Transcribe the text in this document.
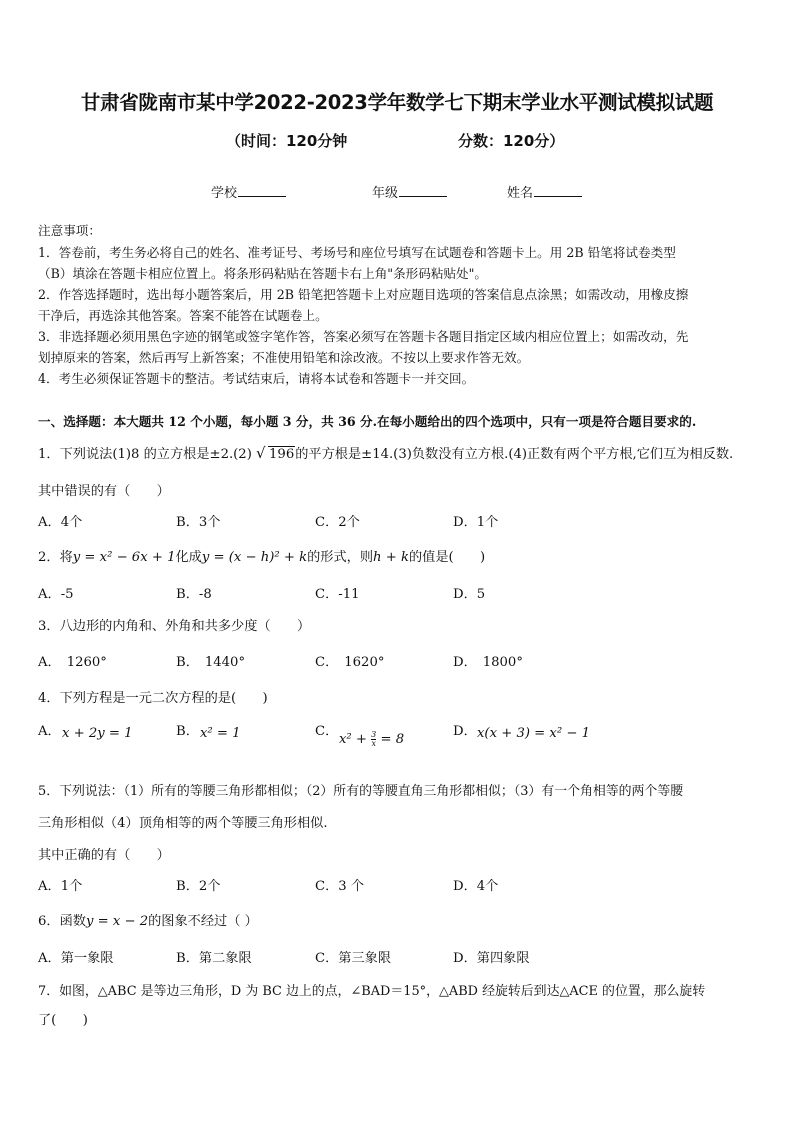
甘肃省陇南市某中学2022-2023学年数学七下期末学业水平测试模拟试题
（时间：120分钟	分数：120分）
学校	年级	姓名
注意事项：
1．答卷前，考生务必将自己的姓名、准考证号、考场号和座位号填写在试题卷和答题卡上。用 2B 铅笔将试卷类型
（B）填涂在答题卡相应位置上。将条形码粘贴在答题卡右上角"条形码粘贴处"。
2．作答选择题时，选出每小题答案后，用 2B 铅笔把答题卡上对应题目选项的答案信息点涂黑；如需改动，用橡皮擦
干净后，再选涂其他答案。答案不能答在试题卷上。
3．非选择题必须用黑色字迹的钢笔或签字笔作答，答案必须写在答题卡各题目指定区域内相应位置上；如需改动，先
划掉原来的答案，然后再写上新答案；不准使用铅笔和涂改液。不按以上要求作答无效。
4．考生必须保证答题卡的整洁。考试结束后，请将本试卷和答题卡一并交回。
一、选择题：本大题共 12 个小题，每小题 3 分，共 36 分.在每小题给出的四个选项中，只有一项是符合题目要求的.
1．下列说法(1)8 的立方根是±2.(2) √ 196的平方根是±14.(3)负数没有立方根.(4)正数有两个平方根,它们互为相反数.
其中错误的有（　　）
A．4个	B．3个	C．2个	D．1个
2．将y = x² − 6x + 1化成y = (x − h)² + k的形式，则h + k的值是(　　)
A．-5	B．-8	C．-11	D．5
3．八边形的内角和、外角和共多少度（　　）
A． 1260°	B． 1440°	C． 1620°	D． 1800°
4．下列方程是一元二次方程的是(　　)
A． x + 2y = 1	B． x² = 1	C．
$x^2 + \frac{3}{x} = 8$
D． x(x + 3) = x² − 1
5．下列说法：（1）所有的等腰三角形都相似；（2）所有的等腰直角三角形都相似；（3）有一个角相等的两个等腰
三角形相似（4）顶角相等的两个等腰三角形相似.
其中正确的有（　　）
A．1个	B．2个	C．3 个	D．4个
6．函数y = x − 2的图象不经过（ ）
A．第一象限	B．第二象限	C．第三象限	D．第四象限
7．如图，△ABC 是等边三角形，D 为 BC 边上的点，∠BAD＝15°，△ABD 经旋转后到达△ACE 的位置，那么旋转
了(　　)
